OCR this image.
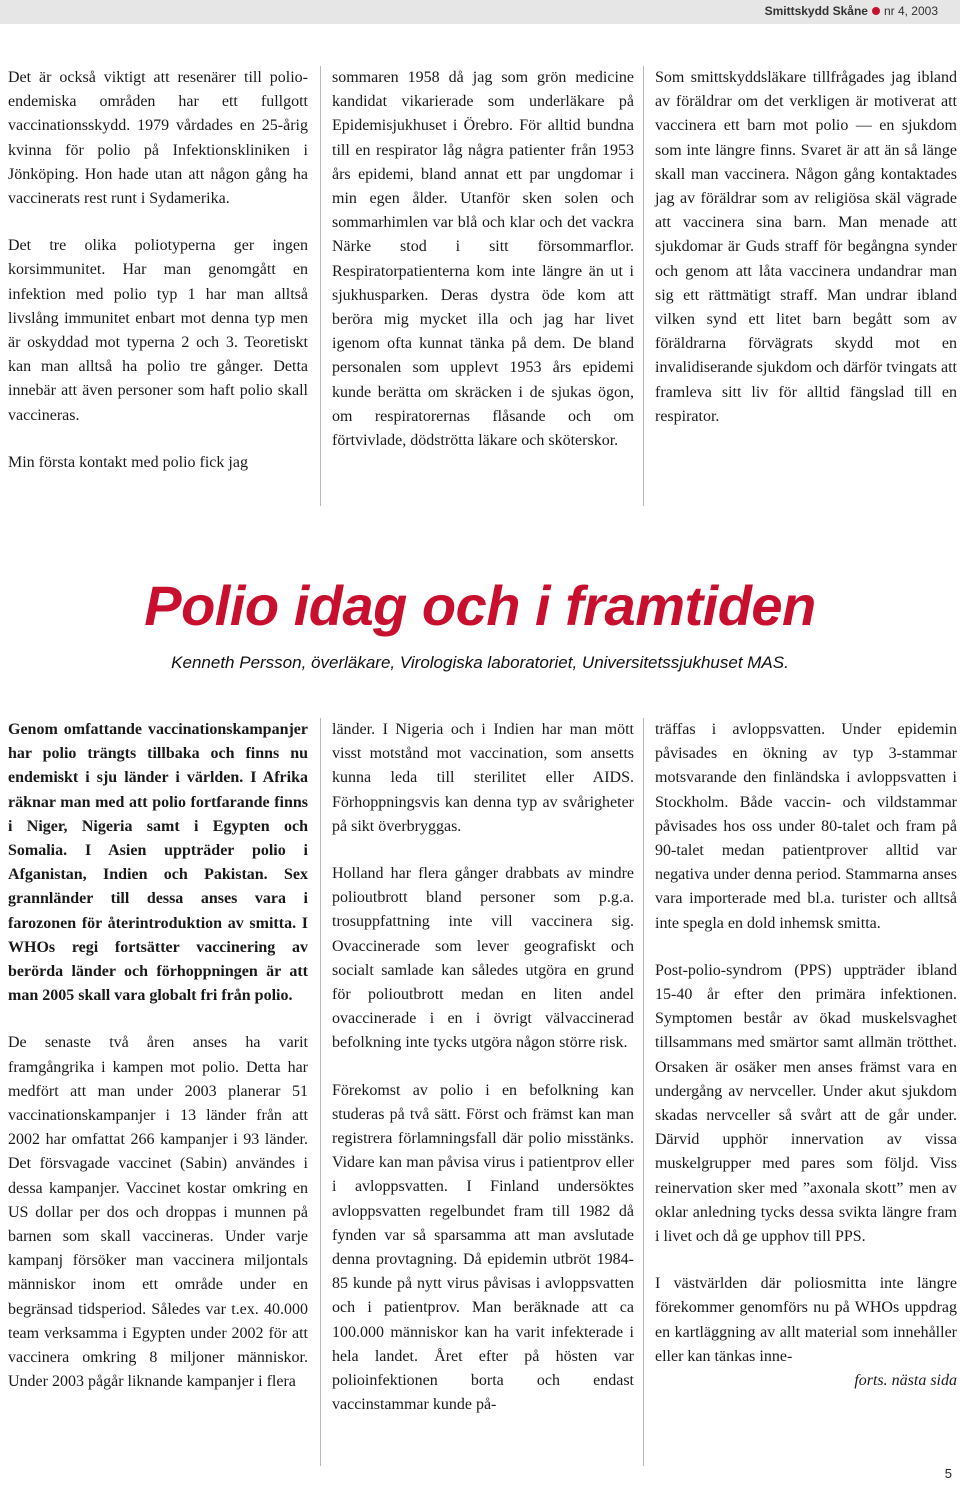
Smittskydd Skåne nr 4, 2003

Det är också viktigt att resenärer till polio-endemiska områden har ett fullgott vaccinationsskydd. 1979 vårdades en 25-årig kvinna för polio på Infektionskliniken i Jönköping. Hon hade utan att någon gång ha vaccinerats rest runt i Sydamerika.

Det tre olika poliotyperna ger ingen korsimmunitet. Har man genomgått en infektion med polio typ 1 har man alltså livslång immunitet enbart mot denna typ men är oskyddad mot typerna 2 och 3. Teoretiskt kan man alltså ha polio tre gånger. Detta innebär att även personer som haft polio skall vaccineras.

Min första kontakt med polio fick jag

sommaren 1958 då jag som grön medicine kandidat vikarierade som underläkare på Epidemisjukhuset i Örebro. För alltid bundna till en respirator låg några patienter från 1953 års epidemi, bland annat ett par ungdomar i min egen ålder. Utanför sken solen och sommarhimlen var blå och klar och det vackra Närke stod i sitt försommarflor. Respiratorpatienterna kom inte längre än ut i sjukhusparken. Deras dystra öde kom att beröra mig mycket illa och jag har livet igenom ofta kunnat tänka på dem. De bland personalen som upplevt 1953 års epidemi kunde berätta om skräcken i de sjukas ögon, om respiratorernas flåsande och om förtvivlade, dödströtta läkare och sköterskor.

Som smittskyddsläkare tillfrågades jag ibland av föräldrar om det verkligen är motiverat att vaccinera ett barn mot polio — en sjukdom som inte längre finns. Svaret är att än så länge skall man vaccinera. Någon gång kontaktades jag av föräldrar som av religiösa skäl vägrade att vaccinera sina barn. Man menade att sjukdomar är Guds straff för begångna synder och genom att låta vaccinera undandrar man sig ett rättmätigt straff. Man undrar ibland vilken synd ett litet barn begått som av föräldrarna förvägrats skydd mot en invalidiserande sjukdom och därför tvingats att framleva sitt liv för alltid fängslad till en respirator.

Polio idag och i framtiden
Kenneth Persson, överläkare, Virologiska laboratoriet, Universitetssjukhuset MAS.

Genom omfattande vaccinationskampanjer har polio trängts tillbaka och finns nu endemiskt i sju länder i världen. I Afrika räknar man med att polio fortfarande finns i Niger, Nigeria samt i Egypten och Somalia. I Asien uppträder polio i Afganistan, Indien och Pakistan. Sex grannländer till dessa anses vara i farozonen för återintroduktion av smitta. I WHOs regi fortsätter vaccinering av berörda länder och förhoppningen är att man 2005 skall vara globalt fri från polio.

De senaste två åren anses ha varit framgångrika i kampen mot polio. Detta har medfört att man under 2003 planerar 51 vaccinationskampanjer i 13 länder från att 2002 har omfattat 266 kampanjer i 93 länder. Det försvagade vaccinet (Sabin) användes i dessa kampanjer. Vaccinet kostar omkring en US dollar per dos och droppas i munnen på barnen som skall vaccineras. Under varje kampanj försöker man vaccinera miljontals människor inom ett område under en begränsad tidsperiod. Således var t.ex. 40.000 team verksamma i Egypten under 2002 för att vaccinera omkring 8 miljoner människor. Under 2003 pågår liknande kampanjer i flera

länder. I Nigeria och i Indien har man mött visst motstånd mot vaccination, som ansetts kunna leda till sterilitet eller AIDS. Förhoppningsvis kan denna typ av svårigheter på sikt överbryggas.

Holland har flera gånger drabbats av mindre polioutbrott bland personer som p.g.a. trosuppfattning inte vill vaccinera sig. Ovaccinerade som lever geografiskt och socialt samlade kan således utgöra en grund för polioutbrott medan en liten andel ovaccinerade i en i övrigt välvaccinerad befolkning inte tycks utgöra någon större risk.

Förekomst av polio i en befolkning kan studeras på två sätt. Först och främst kan man registrera förlamningsfall där polio misstänks. Vidare kan man påvisa virus i patientprov eller i avloppsvatten. I Finland undersöktes avloppsvatten regelbundet fram till 1982 då fynden var så sparsamma att man avslutade denna provtagning. Då epidemin utbröt 1984-85 kunde på nytt virus påvisas i avloppsvatten och i patientprov. Man beräknade att ca 100.000 människor kan ha varit infekterade i hela landet. Året efter på hösten var polioinfektionen borta och endast vaccinstammar kunde på-

träffas i avloppsvatten. Under epidemin påvisades en ökning av typ 3-stammar motsvarande den finländska i avloppsvatten i Stockholm. Både vaccin- och vildstammar påvisades hos oss under 80-talet och fram på 90-talet medan patientprover alltid var negativa under denna period. Stammarna anses vara importerade med bl.a. turister och alltså inte spegla en dold inhemsk smitta.

Post-polio-syndrom (PPS) uppträder ibland 15-40 år efter den primära infektionen. Symptomen består av ökad muskelsvaghet tillsammans med smärtor samt allmän trötthet. Orsaken är osäker men anses främst vara en undergång av nervceller. Under akut sjukdom skadas nervceller så svårt att de går under. Därvid upphör innervation av vissa muskelgrupper med pares som följd. Viss reinervation sker med ”axonala skott” men av oklar anledning tycks dessa svikta längre fram i livet och då ge upphov till PPS.

I västvärlden där poliosmitta inte längre förekommer genomförs nu på WHOs uppdrag en kartläggning av allt material som innehåller eller kan tänkas inne-

forts. nästa sida

5
